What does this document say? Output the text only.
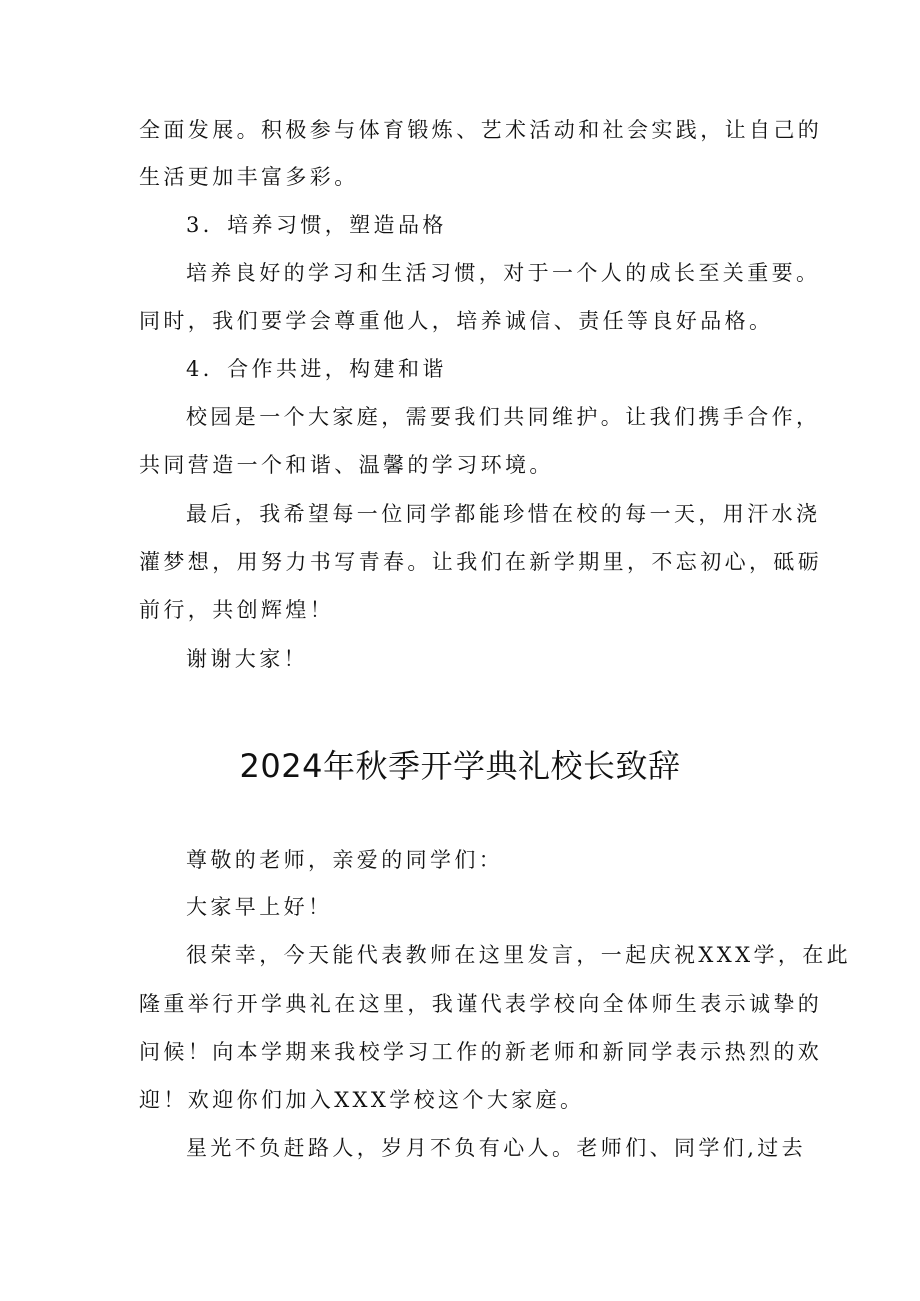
全面发展。积极参与体育锻炼、艺术活动和社会实践，让自己的
生活更加丰富多彩。
3．培养习惯，塑造品格
培养良好的学习和生活习惯，对于一个人的成长至关重要。
同时，我们要学会尊重他人，培养诚信、责任等良好品格。
4．合作共进，构建和谐
校园是一个大家庭，需要我们共同维护。让我们携手合作，
共同营造一个和谐、温馨的学习环境。
最后，我希望每一位同学都能珍惜在校的每一天，用汗水浇
灌梦想，用努力书写青春。让我们在新学期里，不忘初心，砥砺
前行，共创辉煌！
谢谢大家！
2024年秋季开学典礼校长致辞
尊敬的老师，亲爱的同学们：
大家早上好！
很荣幸，今天能代表教师在这里发言，一起庆祝XXX学，在此
隆重举行开学典礼在这里，我谨代表学校向全体师生表示诚挚的
问候！向本学期来我校学习工作的新老师和新同学表示热烈的欢
迎！欢迎你们加入XXX学校这个大家庭。
星光不负赶路人，岁月不负有心人。老师们、同学们,过去
